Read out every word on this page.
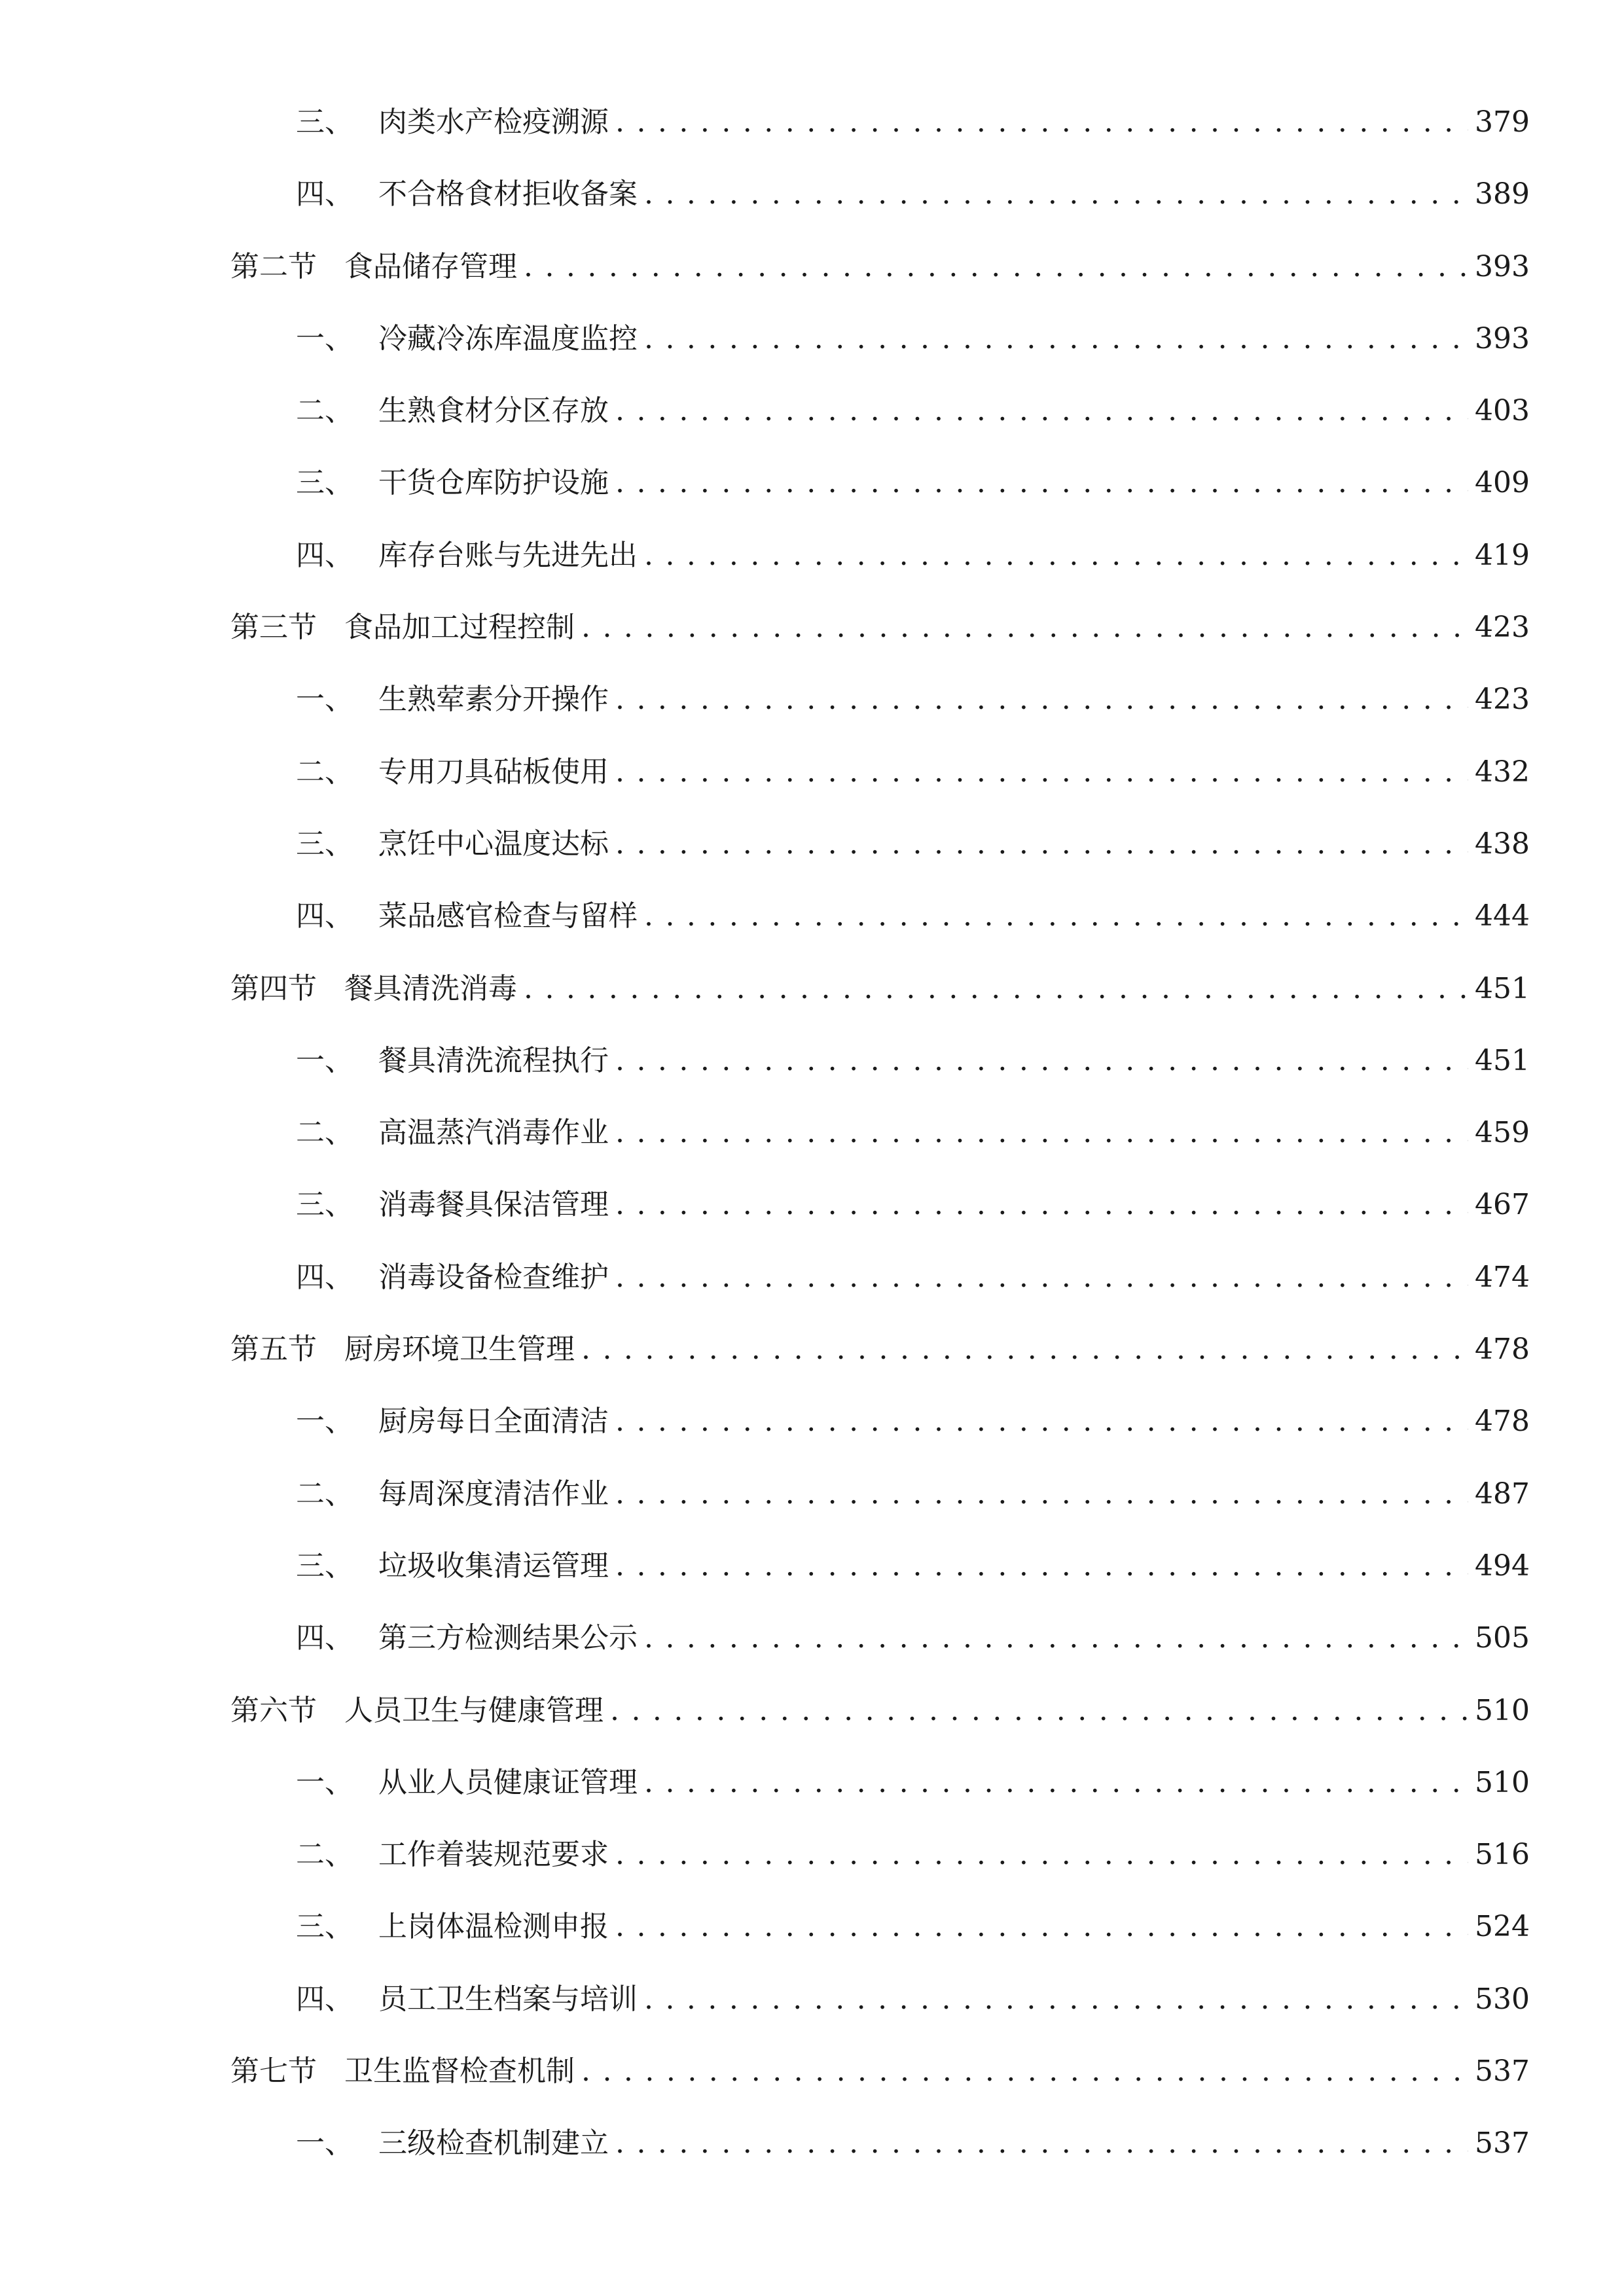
三、 肉类水产检疫溯源 .....	379
四、 不合格食材拒收备案 .....	389
第二节 食品储存管理 .....	393
一、 冷藏冷冻库温度监控 .....	393
二、 生熟食材分区存放 .....	403
三、 干货仓库防护设施 .....	409
四、 库存台账与先进先出 .....	419
第三节 食品加工过程控制 .....	423
一、 生熟荤素分开操作 .....	423
二、 专用刀具砧板使用 .....	432
三、 烹饪中心温度达标 .....	438
四、 菜品感官检查与留样 .....	444
第四节 餐具清洗消毒 .....	451
一、 餐具清洗流程执行 .....	451
二、 高温蒸汽消毒作业 .....	459
三、 消毒餐具保洁管理 .....	467
四、 消毒设备检查维护 .....	474
第五节 厨房环境卫生管理 .....	478
一、 厨房每日全面清洁 .....	478
二、 每周深度清洁作业 .....	487
三、 垃圾收集清运管理 .....	494
四、 第三方检测结果公示 .....	505
第六节 人员卫生与健康管理 .....	510
一、 从业人员健康证管理 .....	510
二、 工作着装规范要求 .....	516
三、 上岗体温检测申报 .....	524
四、 员工卫生档案与培训 .....	530
第七节 卫生监督检查机制 .....	537
一、 三级检查机制建立 .....	537
